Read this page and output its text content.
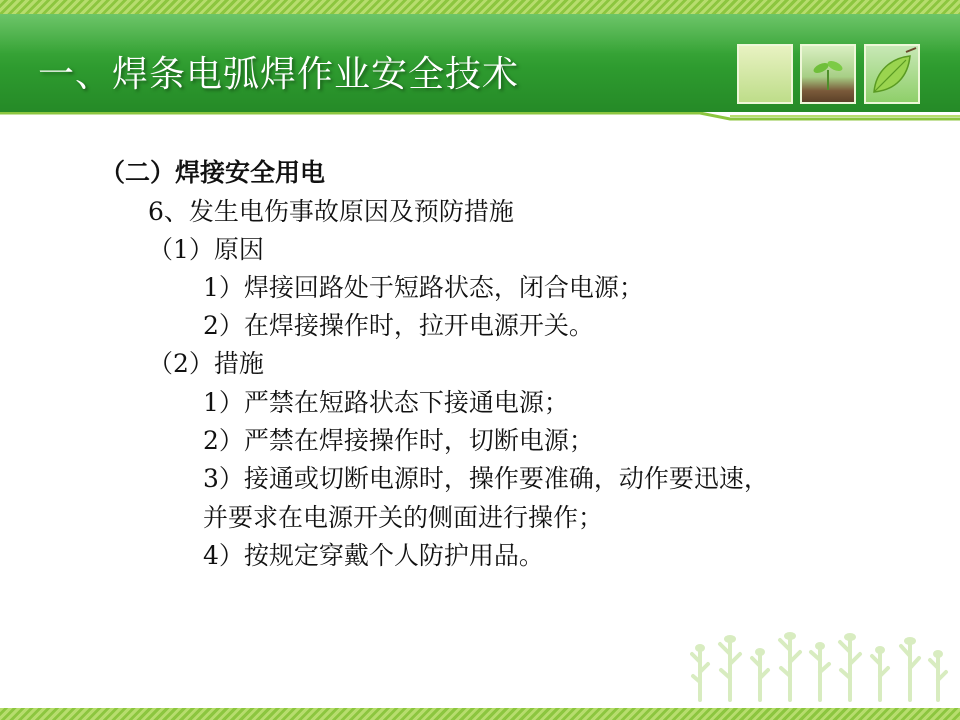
一、焊条电弧焊作业安全技术
（二）焊接安全用电
6、发生电伤事故原因及预防措施
（1）原因
1）焊接回路处于短路状态，闭合电源；
2）在焊接操作时，拉开电源开关。
（2）措施
1）严禁在短路状态下接通电源；
2）严禁在焊接操作时，切断电源；
3）接通或切断电源时，操作要准确，动作要迅速，
并要求在电源开关的侧面进行操作；
4）按规定穿戴个人防护用品。
